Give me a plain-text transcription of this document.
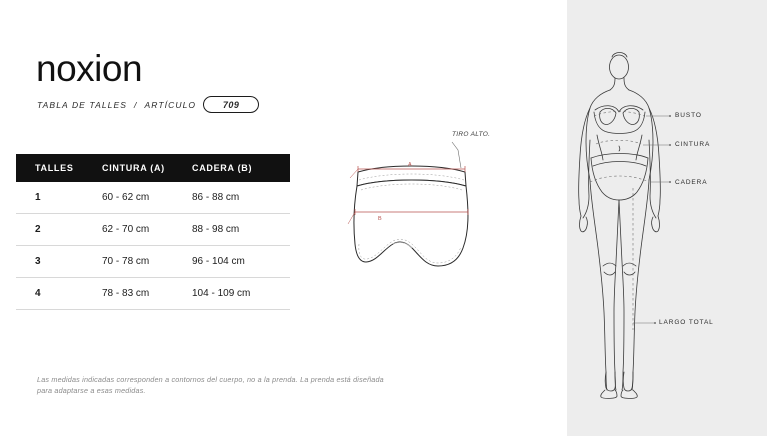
noxion
TABLA DE TALLES / ARTÍCULO	709
TALLES	CINTURA (A)	CADERA (B)
1	60 - 62 cm	86 - 88 cm
2	62 - 70 cm	88 - 98 cm
3	70 - 78 cm	96 - 104 cm
4	78 - 83 cm	104 - 109 cm
Las medidas indicadas corresponden a contornos del cuerpo, no a la prenda. La prenda está diseñada para adaptarse a esas medidas.
TIRO ALTO.
A
B
BUSTO
CINTURA
CADERA
LARGO TOTAL
